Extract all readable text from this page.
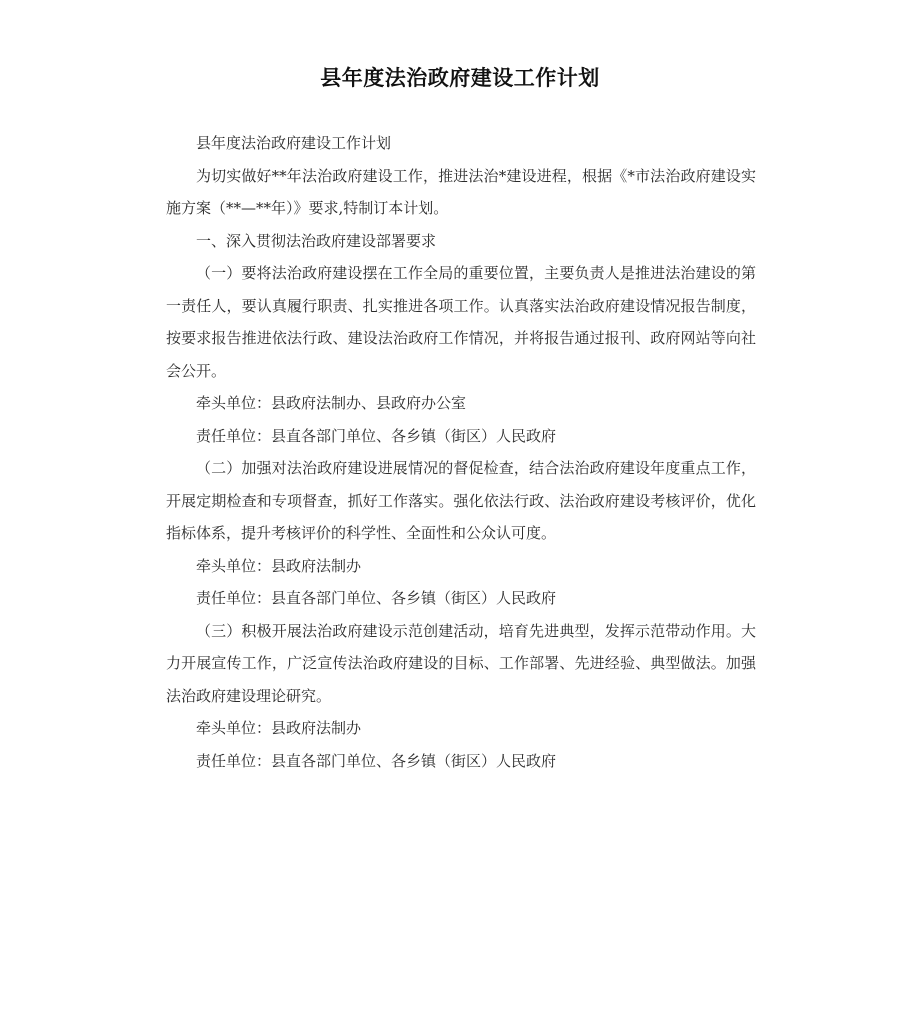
县年度法治政府建设工作计划

县年度法治政府建设工作计划

为切实做好**年法治政府建设工作，推进法治*建设进程，根据《*市法治政府建设实施方案（**—**年）》要求,特制订本计划。

一、深入贯彻法治政府建设部署要求

（一）要将法治政府建设摆在工作全局的重要位置，主要负责人是推进法治建设的第一责任人，要认真履行职责、扎实推进各项工作。认真落实法治政府建设情况报告制度，按要求报告推进依法行政、建设法治政府工作情况，并将报告通过报刊、政府网站等向社会公开。

牵头单位：县政府法制办、县政府办公室

责任单位：县直各部门单位、各乡镇（街区）人民政府

（二）加强对法治政府建设进展情况的督促检查，结合法治政府建设年度重点工作，开展定期检查和专项督查，抓好工作落实。强化依法行政、法治政府建设考核评价，优化指标体系，提升考核评价的科学性、全面性和公众认可度。

牵头单位：县政府法制办

责任单位：县直各部门单位、各乡镇（街区）人民政府

（三）积极开展法治政府建设示范创建活动，培育先进典型，发挥示范带动作用。大力开展宣传工作，广泛宣传法治政府建设的目标、工作部署、先进经验、典型做法。加强法治政府建设理论研究。

牵头单位：县政府法制办

责任单位：县直各部门单位、各乡镇（街区）人民政府
